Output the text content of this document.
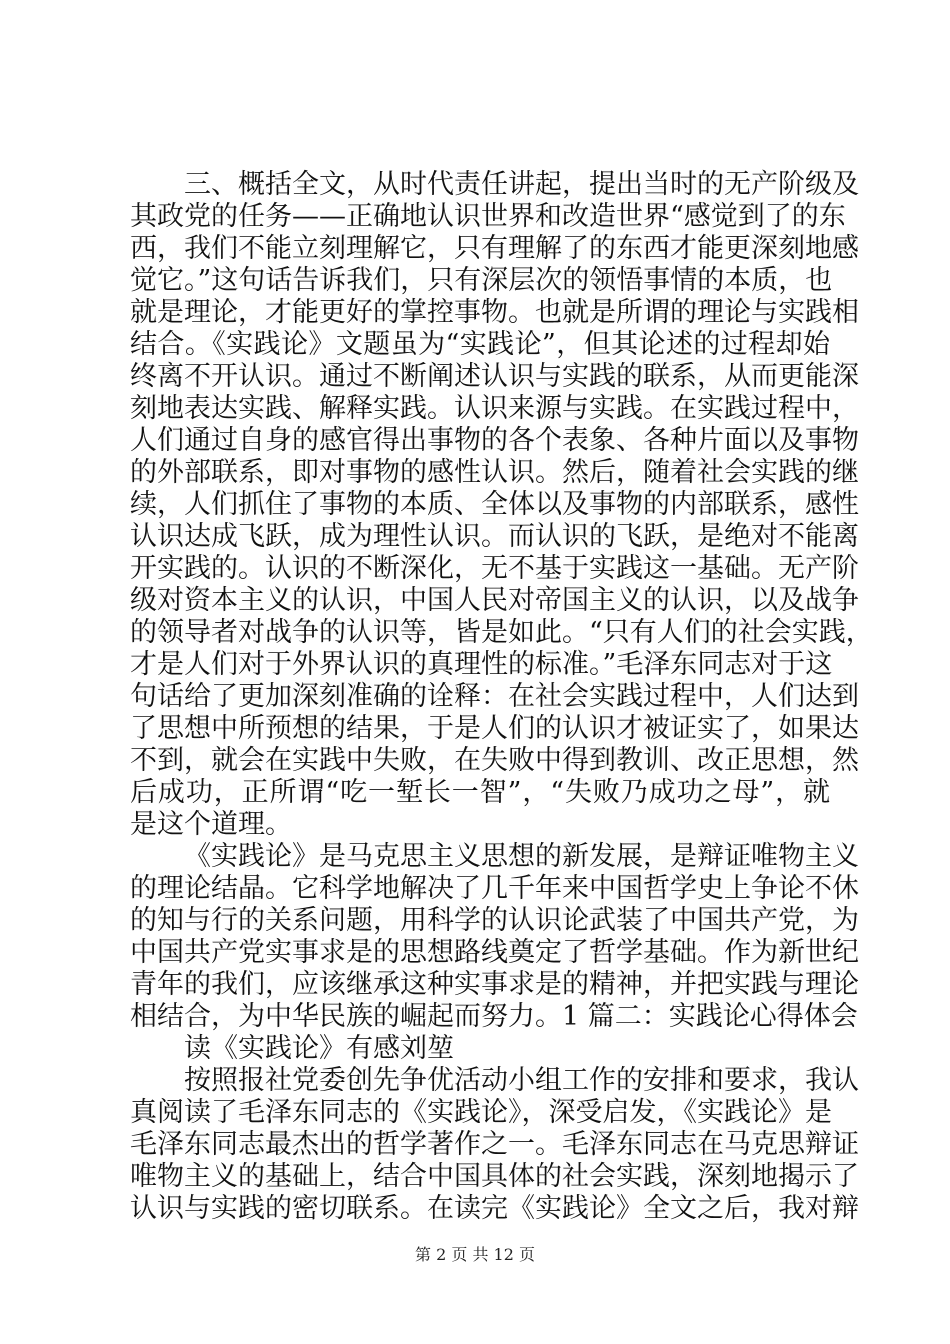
三、概括全文，从时代责任讲起，提出当时的无产阶级及
其政党的任务——正确地认识世界和改造世界“感觉到了的东
西，我们不能立刻理解它，只有理解了的东西才能更深刻地感
觉它。”这句话告诉我们，只有深层次的领悟事情的本质，也
就是理论，才能更好的掌控事物。也就是所谓的理论与实践相
结合。《实践论》文题虽为“实践论”，但其论述的过程却始
终离不开认识。通过不断阐述认识与实践的联系，从而更能深
刻地表达实践、解释实践。认识来源与实践。在实践过程中，
人们通过自身的感官得出事物的各个表象、各种片面以及事物
的外部联系，即对事物的感性认识。然后，随着社会实践的继
续，人们抓住了事物的本质、全体以及事物的内部联系，感性
认识达成飞跃，成为理性认识。而认识的飞跃，是绝对不能离
开实践的。认识的不断深化，无不基于实践这一基础。无产阶
级对资本主义的认识，中国人民对帝国主义的认识，以及战争
的领导者对战争的认识等，皆是如此。“只有人们的社会实践，
才是人们对于外界认识的真理性的标准。”毛泽东同志对于这
句话给了更加深刻准确的诠释：在社会实践过程中，人们达到
了思想中所预想的结果，于是人们的认识才被证实了，如果达
不到，就会在实践中失败，在失败中得到教训、改正思想，然
后成功，正所谓“吃一堑长一智”，“失败乃成功之母”，就
是这个道理。
《实践论》是马克思主义思想的新发展，是辩证唯物主义
的理论结晶。它科学地解决了几千年来中国哲学史上争论不休
的知与行的关系问题，用科学的认识论武装了中国共产党，为
中国共产党实事求是的思想路线奠定了哲学基础。作为新世纪
青年的我们，应该继承这种实事求是的精神，并把实践与理论
相结合，为中华民族的崛起而努力。1 篇二：实践论心得体会
读《实践论》有感刘堃
按照报社党委创先争优活动小组工作的安排和要求，我认
真阅读了毛泽东同志的《实践论》，深受启发，《实践论》是
毛泽东同志最杰出的哲学著作之一。毛泽东同志在马克思辩证
唯物主义的基础上，结合中国具体的社会实践，深刻地揭示了
认识与实践的密切联系。在读完《实践论》全文之后，我对辩
第 2 页 共 12 页
